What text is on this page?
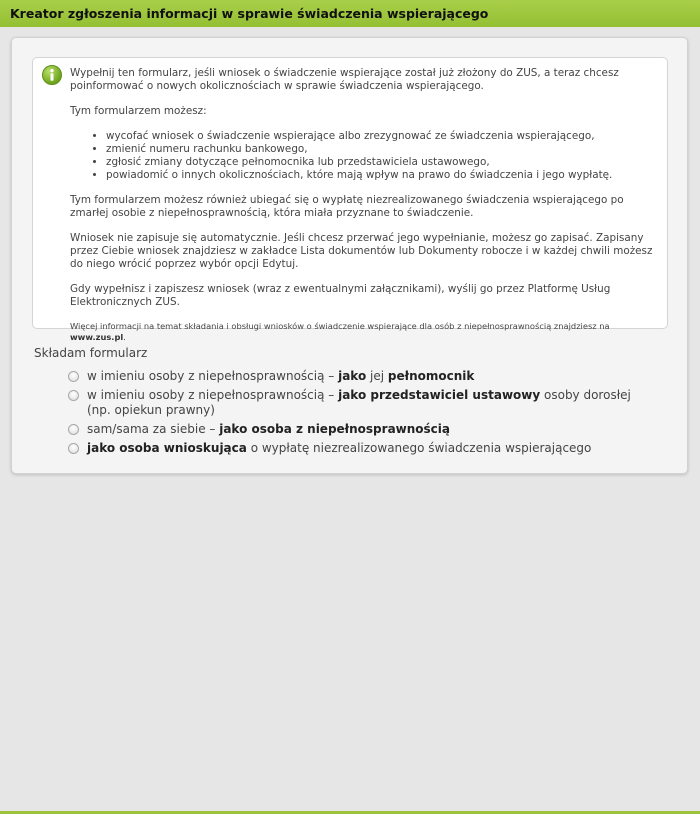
Kreator zgłoszenia informacji w sprawie świadczenia wspierającego

Wypełnij ten formularz, jeśli wniosek o świadczenie wspierające został już złożony do ZUS, a teraz chcesz poinformować o nowych okolicznościach w sprawie świadczenia wspierającego.

Tym formularzem możesz:

• wycofać wniosek o świadczenie wspierające albo zrezygnować ze świadczenia wspierającego,
• zmienić numeru rachunku bankowego,
• zgłosić zmiany dotyczące pełnomocnika lub przedstawiciela ustawowego,
• powiadomić o innych okolicznościach, które mają wpływ na prawo do świadczenia i jego wypłatę.

Tym formularzem możesz również ubiegać się o wypłatę niezrealizowanego świadczenia wspierającego po zmarłej osobie z niepełnosprawnością, która miała przyznane to świadczenie.

Wniosek nie zapisuje się automatycznie. Jeśli chcesz przerwać jego wypełnianie, możesz go zapisać. Zapisany przez Ciebie wniosek znajdziesz w zakładce Lista dokumentów lub Dokumenty robocze i w każdej chwili możesz do niego wrócić poprzez wybór opcji Edytuj.

Gdy wypełnisz i zapiszesz wniosek (wraz z ewentualnymi załącznikami), wyślij go przez Platformę Usług Elektronicznych ZUS.

Więcej informacji na temat składania i obsługi wniosków o świadczenie wspierające dla osób z niepełnosprawnością znajdziesz na www.zus.pl.

Składam formularz
w imieniu osoby z niepełnosprawnością – jako jej pełnomocnik
w imieniu osoby z niepełnosprawnością – jako przedstawiciel ustawowy osoby dorosłej (np. opiekun prawny)
sam/sama za siebie – jako osoba z niepełnosprawnością
jako osoba wnioskująca o wypłatę niezrealizowanego świadczenia wspierającego
